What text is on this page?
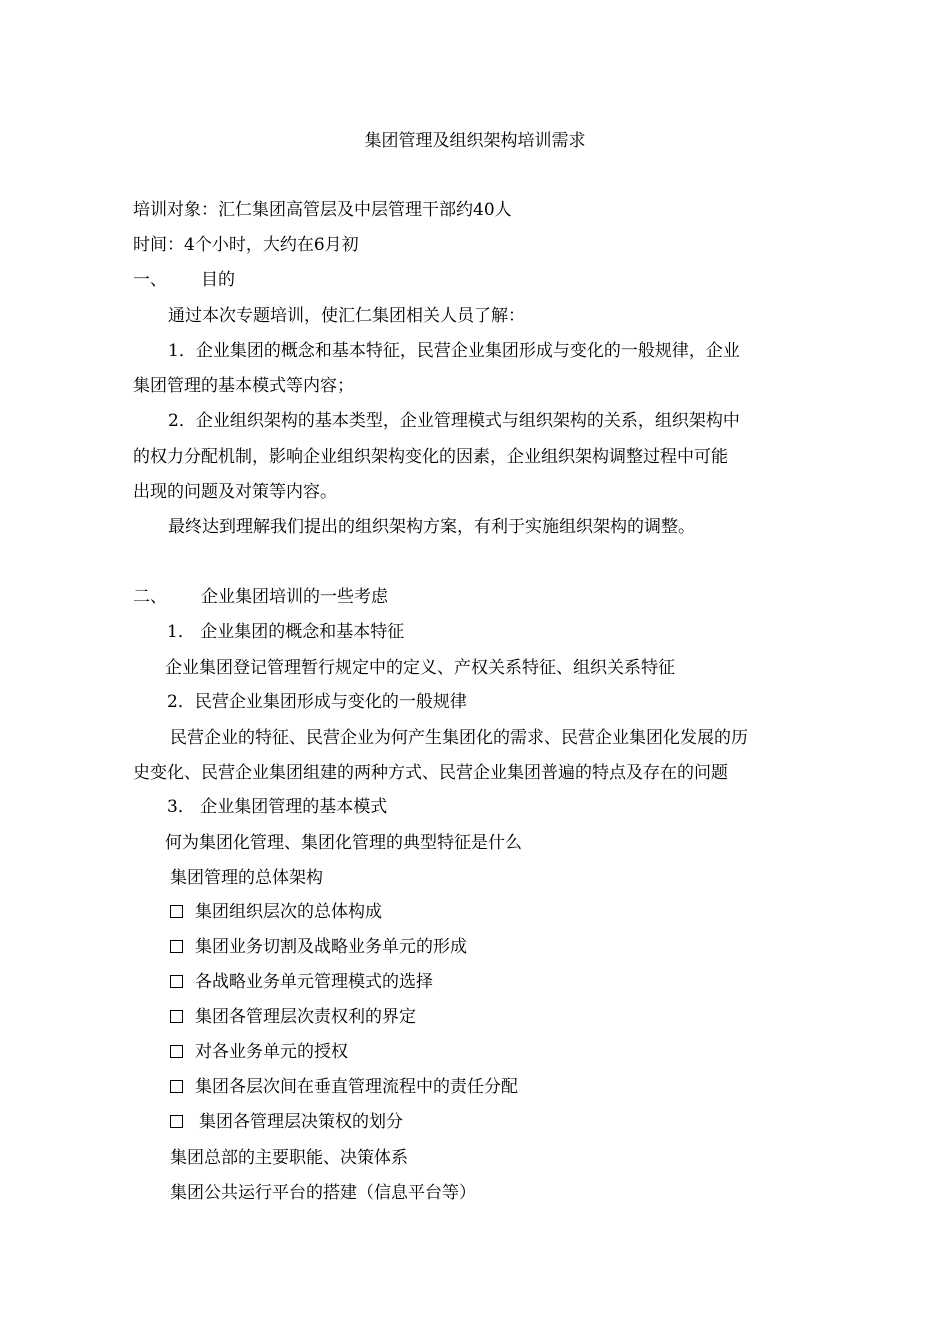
集团管理及组织架构培训需求
培训对象：汇仁集团高管层及中层管理干部约40人
时间：4个小时，大约在6月初
一、	目的
通过本次专题培训，使汇仁集团相关人员了解：
1．企业集团的概念和基本特征，民营企业集团形成与变化的一般规律，企业
集团管理的基本模式等内容；
2．企业组织架构的基本类型，企业管理模式与组织架构的关系，组织架构中
的权力分配机制，影响企业组织架构变化的因素，企业组织架构调整过程中可能
出现的问题及对策等内容。
最终达到理解我们提出的组织架构方案，有利于实施组织架构的调整。
二、	企业集团培训的一些考虑
1． 企业集团的概念和基本特征
企业集团登记管理暂行规定中的定义、产权关系特征、组织关系特征
2．民营企业集团形成与变化的一般规律
民营企业的特征、民营企业为何产生集团化的需求、民营企业集团化发展的历
史变化、民营企业集团组建的两种方式、民营企业集团普遍的特点及存在的问题
3． 企业集团管理的基本模式
何为集团化管理、集团化管理的典型特征是什么
集团管理的总体架构
集团组织层次的总体构成
集团业务切割及战略业务单元的形成
各战略业务单元管理模式的选择
集团各管理层次责权利的界定
对各业务单元的授权
集团各层次间在垂直管理流程中的责任分配
集团各管理层决策权的划分
集团总部的主要职能、决策体系
集团公共运行平台的搭建（信息平台等）
